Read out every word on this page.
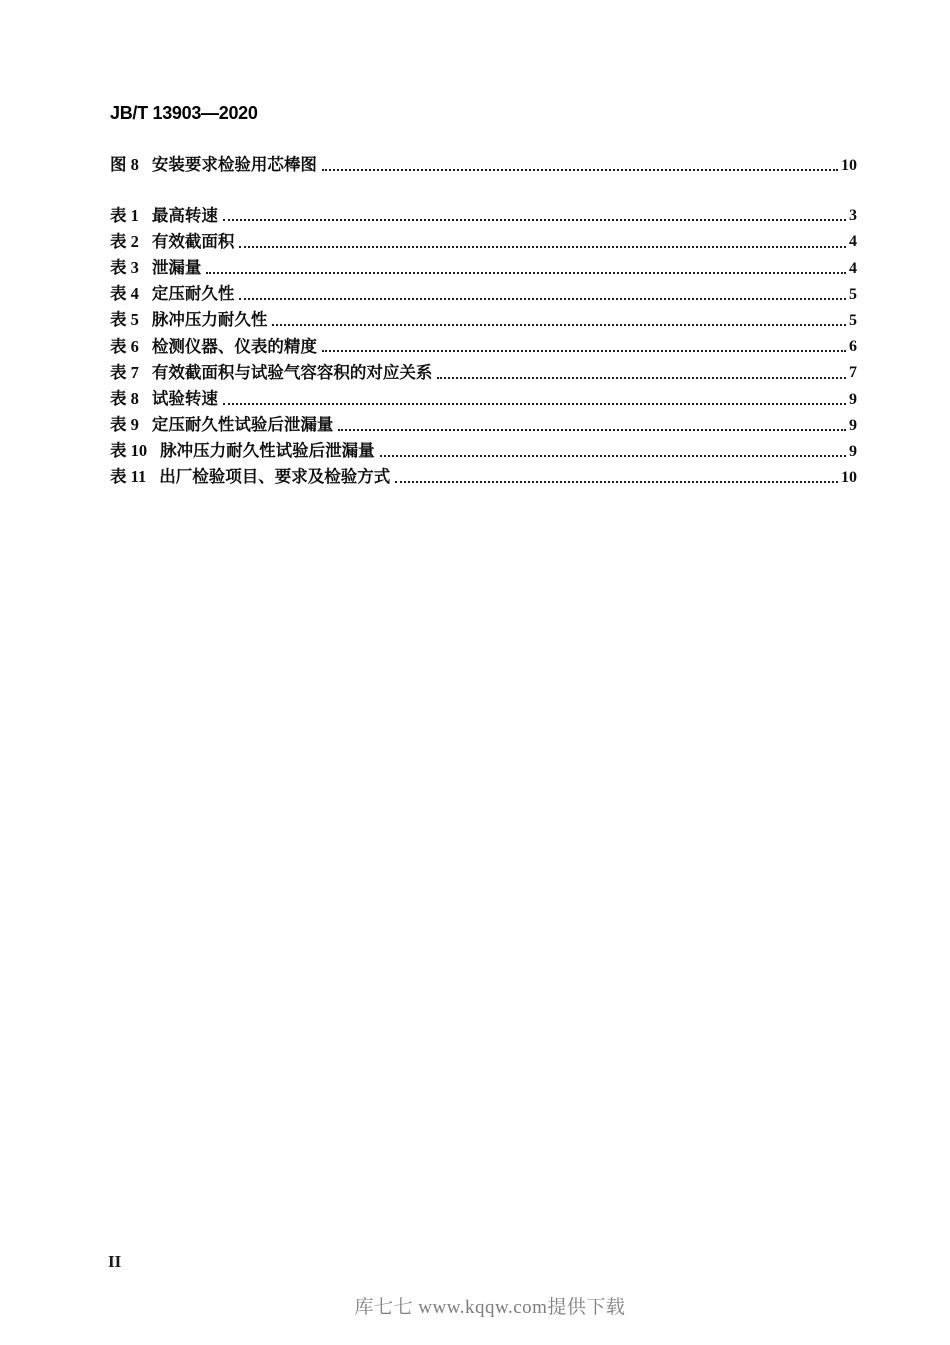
JB/T 13903—2020
图 8 安装要求检验用芯棒图	10
表 1 最高转速	3
表 2 有效截面积	4
表 3 泄漏量	4
表 4 定压耐久性	5
表 5 脉冲压力耐久性	5
表 6 检测仪器、仪表的精度	6
表 7 有效截面积与试验气容容积的对应关系	7
表 8 试验转速	9
表 9 定压耐久性试验后泄漏量	9
表 10 脉冲压力耐久性试验后泄漏量	9
表 11 出厂检验项目、要求及检验方式	10
II
库七七 www.kqqw.com提供下载
